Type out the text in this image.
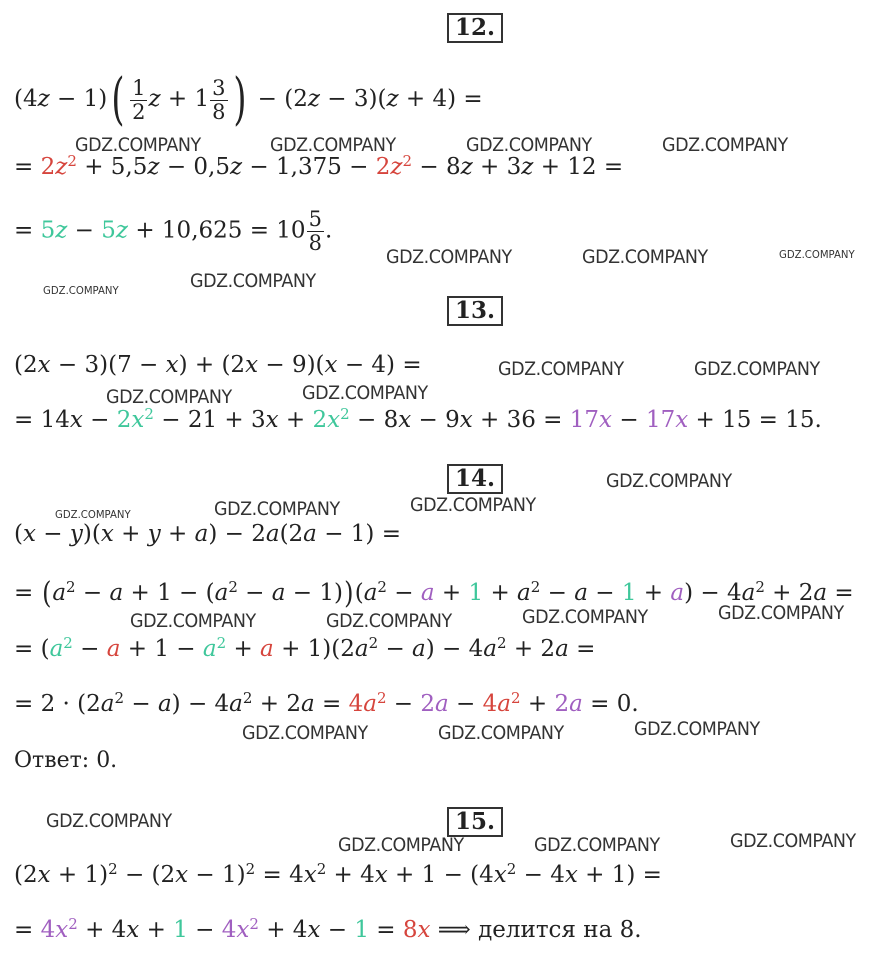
12.
$(4z - 1)( \frac{1}{2}$ $z + 1 \frac{3}{8}$ ) − (2z − 3)(z + 4) =
= $2z^2 + 5,5z - 0,5z - 1,375 - 2z^2 - 8z + 3z + 12$ =
= $5z - 5z + 10,625 = 10 \frac{5}{8}$ .
13.
(2x − 3)(7 − x) + (2x − 9)(x − 4) =
= $14x - 2x^2 - 21 + 3x + 2x^2 - 8x - 9x + 36 = 17x - 17x + 15 = 15$.
14.
(x − y)(x + y + a) − 2a(2a − 1) =
= $(a^2 - a + 1 - (a^2 - a - 1))(a^2 - a + 1 + a^2 - a - 1 + a) - 4a^2 + 2a$ =
= $(a^2 - a + 1 - a^2 + a + 1)(2a^2 - a) - 4a^2 + 2a$ =
= $2 \cdot (2a^2 - a) - 4a^2 + 2a = 4a^2 - 2a - 4a^2 + 2a = 0$.
Ответ: 0.
15.
$(2x + 1)^2 - (2x - 1)^2 = 4x^2 + 4x + 1 - (4x^2 - 4x + 1)$ =
= $4x^2 + 4x + 1 - 4x^2 + 4x - 1 = 8x$ ⟹ делится на 8.
GDZ.COMPANY	GDZ.COMPANY	GDZ.COMPANY	GDZ.COMPANY
GDZ.COMPANY	GDZ.COMPANY	GDZ.COMPANY
GDZ.COMPANY	GDZ.COMPANY
GDZ.COMPANY	GDZ.COMPANY
GDZ.COMPANY	GDZ.COMPANY
GDZ.COMPANY
GDZ.COMPANY	GDZ.COMPANY	GDZ.COMPANY
GDZ.COMPANY	GDZ.COMPANY	GDZ.COMPANY	GDZ.COMPANY
GDZ.COMPANY	GDZ.COMPANY	GDZ.COMPANY
GDZ.COMPANY
GDZ.COMPANY	GDZ.COMPANY	GDZ.COMPANY
